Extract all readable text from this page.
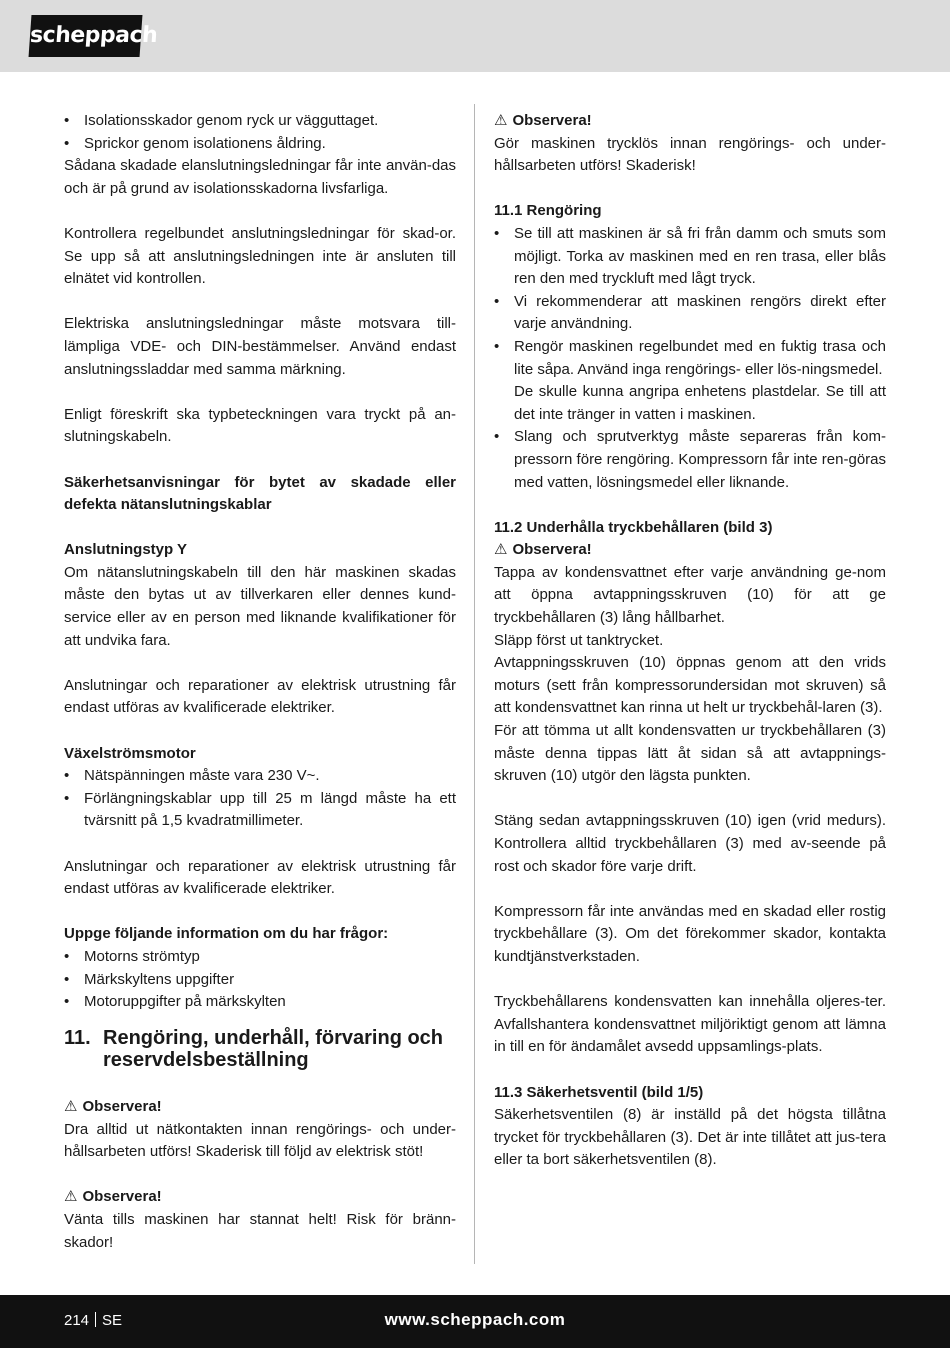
scheppach
• Isolationsskador genom ryck ur vägguttaget.
• Sprickor genom isolationens åldring.
Sådana skadade elanslutningsledningar får inte använ-das och är på grund av isolationsskadorna livsfarliga.
Kontrollera regelbundet anslutningsledningar för skad-or. Se upp så att anslutningsledningen inte är ansluten till elnätet vid kontrollen.
Elektriska anslutningsledningar måste motsvara till-lämpliga VDE- och DIN-bestämmelser. Använd endast anslutningssladdar med samma märkning.
Enligt föreskrift ska typbeteckningen vara tryckt på an-slutningskabeln.
Säkerhetsanvisningar för bytet av skadade eller defekta nätanslutningskablar
Anslutningstyp Y
Om nätanslutningskabeln till den här maskinen skadas måste den bytas ut av tillverkaren eller dennes kund-service eller av en person med liknande kvalifikationer för att undvika fara.
Anslutningar och reparationer av elektrisk utrustning får endast utföras av kvalificerade elektriker.
Växelströmsmotor
• Nätspänningen måste vara 230 V~.
• Förlängningskablar upp till 25 m längd måste ha ett tvärsnitt på 1,5 kvadratmillimeter.
Anslutningar och reparationer av elektrisk utrustning får endast utföras av kvalificerade elektriker.
Uppge följande information om du har frågor:
• Motorns strömtyp
• Märkskyltens uppgifter
• Motoruppgifter på märkskylten
11. Rengöring, underhåll, förvaring och reservdelsbeställning
⚠ Observera!
Dra alltid ut nätkontakten innan rengörings- och under-hållsarbeten utförs! Skaderisk till följd av elektrisk stöt!
⚠ Observera!
Vänta tills maskinen har stannat helt! Risk för bränn-skador!
⚠ Observera!
Gör maskinen trycklös innan rengörings- och under-hållsarbeten utförs! Skaderisk!
11.1 Rengöring
• Se till att maskinen är så fri från damm och smuts som möjligt. Torka av maskinen med en ren trasa, eller blås ren den med tryckluft med lågt tryck.
• Vi rekommenderar att maskinen rengörs direkt efter varje användning.
• Rengör maskinen regelbundet med en fuktig trasa och lite såpa. Använd inga rengörings- eller lös-ningsmedel.
De skulle kunna angripa enhetens plastdelar. Se till att det inte tränger in vatten i maskinen.
• Slang och sprutverktyg måste separeras från kom-pressorn före rengöring. Kompressorn får inte ren-göras med vatten, lösningsmedel eller liknande.
11.2 Underhålla tryckbehållaren (bild 3)
⚠ Observera!
Tappa av kondensvattnet efter varje användning ge-nom att öppna avtappningsskruven (10) för att ge tryckbehållaren (3) lång hållbarhet.
Släpp först ut tanktrycket.
Avtappningsskruven (10) öppnas genom att den vrids moturs (sett från kompressorundersidan mot skruven) så att kondensvattnet kan rinna ut helt ur tryckbehål-laren (3).
För att tömma ut allt kondensvatten ur tryckbehållaren (3) måste denna tippas lätt åt sidan så att avtappnings-skruven (10) utgör den lägsta punkten.
Stäng sedan avtappningsskruven (10) igen (vrid medurs). Kontrollera alltid tryckbehållaren (3) med av-seende på rost och skador före varje drift.
Kompressorn får inte användas med en skadad eller rostig tryckbehållare (3). Om det förekommer skador, kontakta kundtjänstverkstaden.
Tryckbehållarens kondensvatten kan innehålla oljeres-ter. Avfallshantera kondensvattnet miljöriktigt genom att lämna in till en för ändamålet avsedd uppsamlings-plats.
11.3 Säkerhetsventil (bild 1/5)
Säkerhetsventilen (8) är inställd på det högsta tillåtna trycket för tryckbehållaren (3). Det är inte tillåtet att jus-tera eller ta bort säkerhetsventilen (8).
214 SE	www.scheppach.com
